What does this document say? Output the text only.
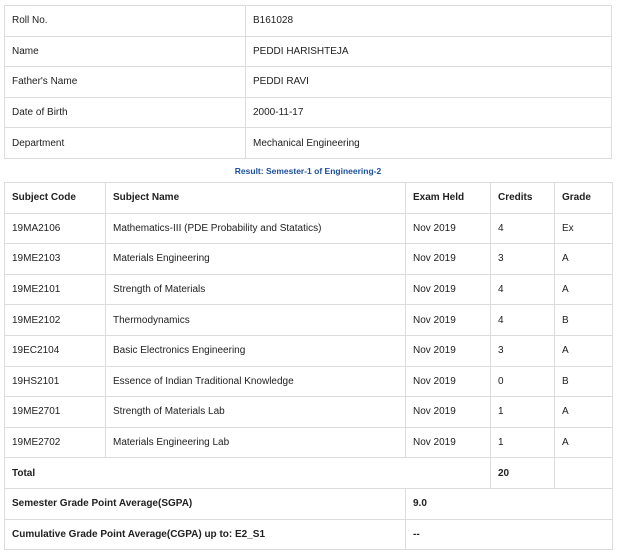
Roll No.	B161028
Name	PEDDI HARISHTEJA
Father's Name	PEDDI RAVI
Date of Birth	2000-11-17
Department	Mechanical Engineering
Result: Semester-1 of Engineering-2
Subject Code	Subject Name	Exam Held	Credits	Grade
19MA2106	Mathematics-III (PDE Probability and Statatics)	Nov 2019	4	Ex
19ME2103	Materials Engineering	Nov 2019	3	A
19ME2101	Strength of Materials	Nov 2019	4	A
19ME2102	Thermodynamics	Nov 2019	4	B
19EC2104	Basic Electronics Engineering	Nov 2019	3	A
19HS2101	Essence of Indian Traditional Knowledge	Nov 2019	0	B
19ME2701	Strength of Materials Lab	Nov 2019	1	A
19ME2702	Materials Engineering Lab	Nov 2019	1	A
Total			20	
Semester Grade Point Average(SGPA)		9.0		
Cumulative Grade Point Average(CGPA) up to: E2_S1		--		
